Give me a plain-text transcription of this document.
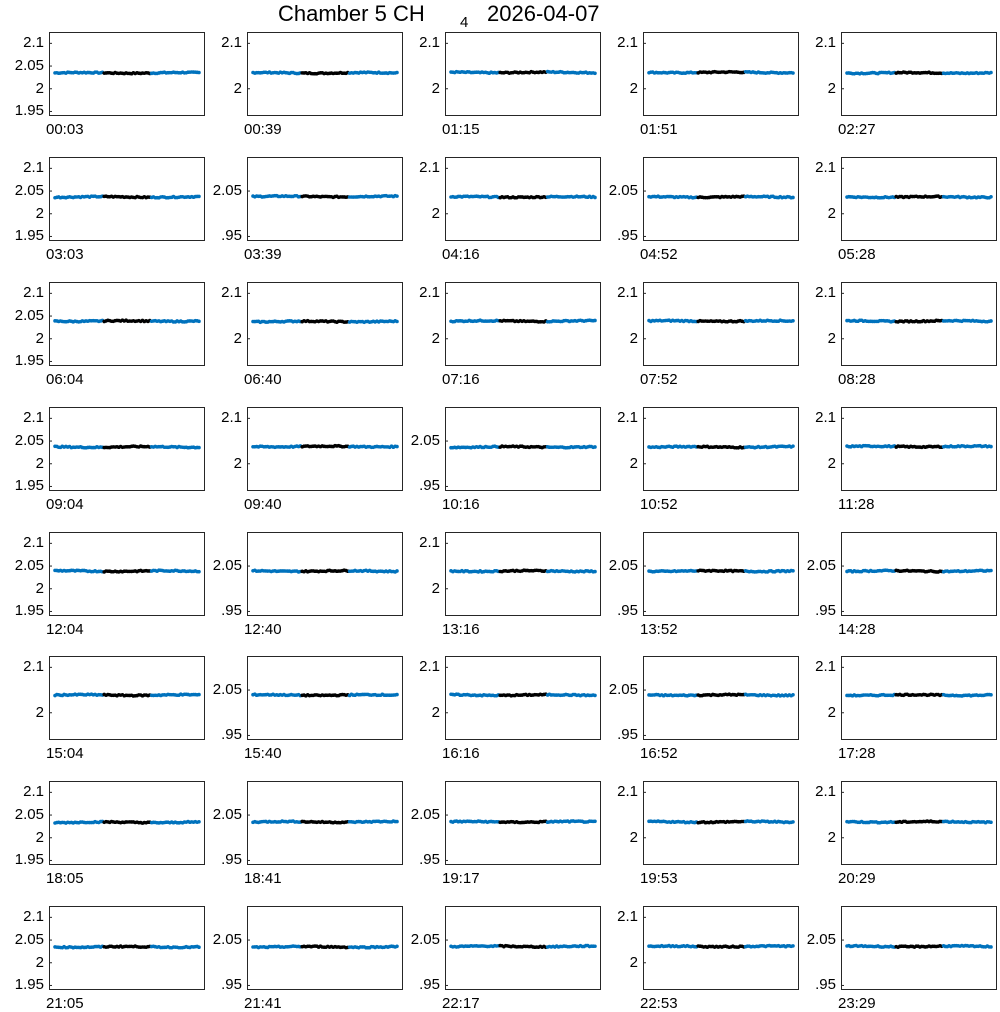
Chamber 5 CH 4 2026-04-07
2.1
2.05
2
1.95
00:03
2.1
2
00:39
2.1
2
01:15
2.1
2
01:51
2.1
2
02:27
2.1
2.05
2
1.95
03:03
2.05
.95
03:39
2.1
2
04:16
2.05
.95
04:52
2.1
2
05:28
2.1
2.05
2
1.95
06:04
2.1
2
06:40
2.1
2
07:16
2.1
2
07:52
2.1
2
08:28
2.1
2.05
2
1.95
09:04
2.1
2
09:40
2.05
.95
10:16
2.1
2
10:52
2.1
2
11:28
2.1
2.05
2
1.95
12:04
2.05
.95
12:40
2.1
2
13:16
2.05
.95
13:52
2.05
.95
14:28
2.1
2
15:04
2.05
.95
15:40
2.1
2
16:16
2.05
.95
16:52
2.1
2
17:28
2.1
2.05
2
1.95
18:05
2.05
.95
18:41
2.05
.95
19:17
2.1
2
19:53
2.1
2
20:29
2.1
2.05
2
1.95
21:05
2.05
.95
21:41
2.05
.95
22:17
2.1
2
22:53
2.05
.95
23:29
